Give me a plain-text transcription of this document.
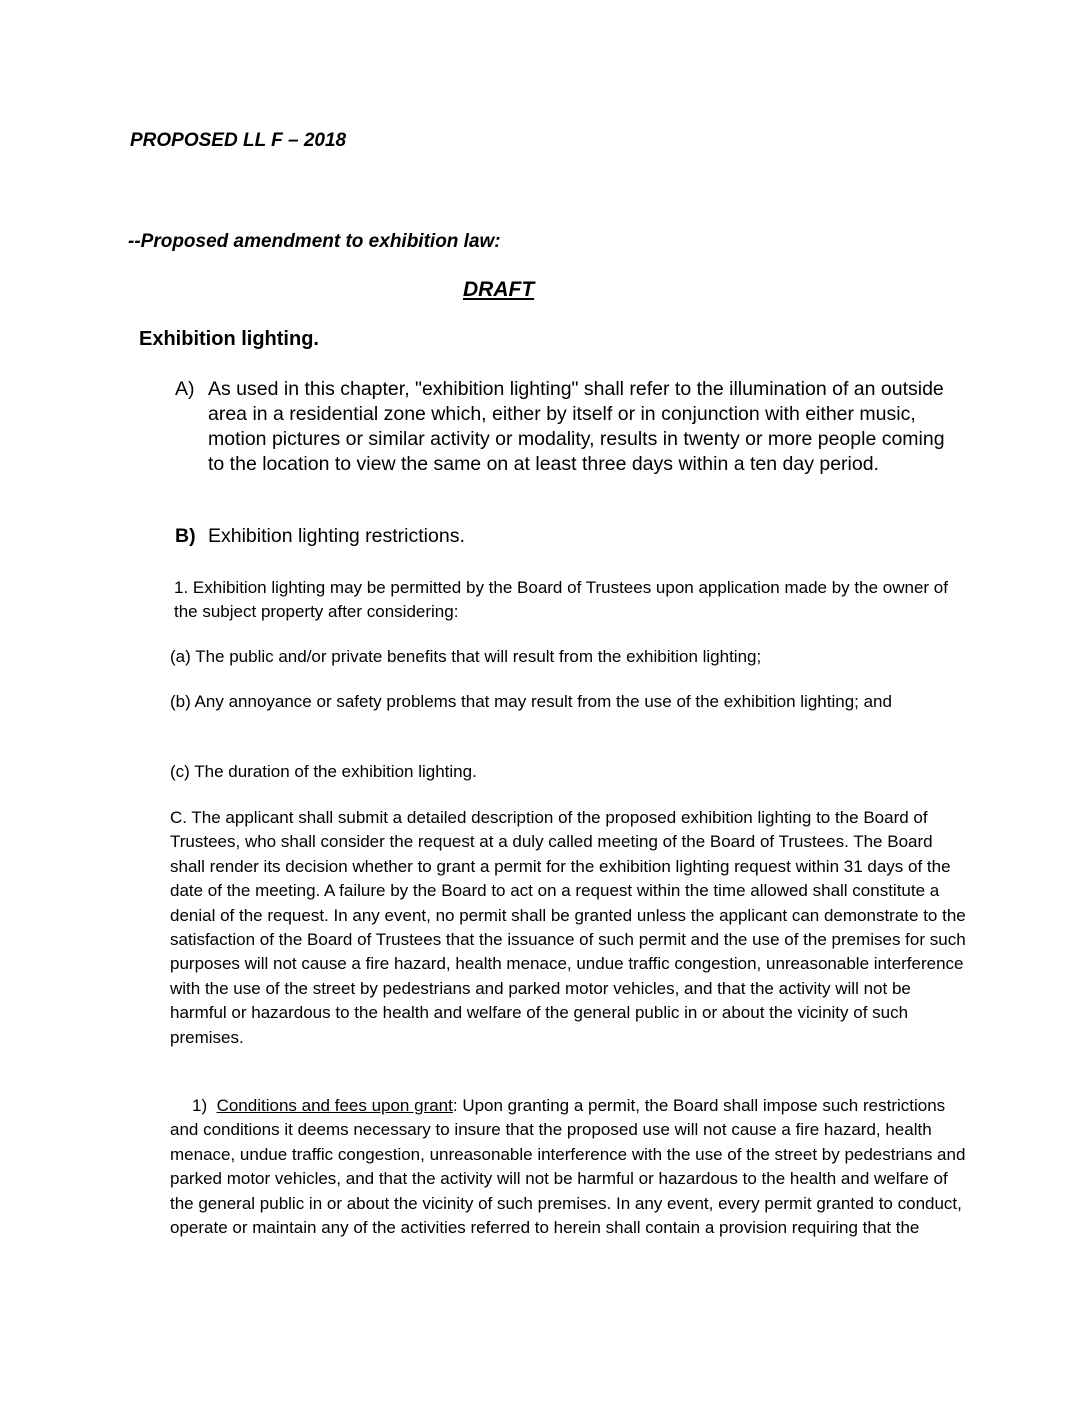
PROPOSED LL F – 2018

--Proposed amendment to exhibition law:

DRAFT

Exhibition lighting.

A) As used in this chapter, "exhibition lighting" shall refer to the illumination of an outside area in a residential zone which, either by itself or in conjunction with either music, motion pictures or similar activity or modality, results in twenty or more people coming to the location to view the same on at least three days within a ten day period.
B) Exhibition lighting restrictions.

1. Exhibition lighting may be permitted by the Board of Trustees upon application made by the owner of the subject property after considering:

(a) The public and/or private benefits that will result from the exhibition lighting;

(b) Any annoyance or safety problems that may result from the use of the exhibition lighting; and

(c) The duration of the exhibition lighting.

C. The applicant shall submit a detailed description of the proposed exhibition lighting to the Board of Trustees, who shall consider the request at a duly called meeting of the Board of Trustees. The Board shall render its decision whether to grant a permit for the exhibition lighting request within 31 days of the date of the meeting. A failure by the Board to act on a request within the time allowed shall constitute a denial of the request. In any event, no permit shall be granted unless the applicant can demonstrate to the satisfaction of the Board of Trustees that the issuance of such permit and the use of the premises for such purposes will not cause a fire hazard, health menace, undue traffic congestion, unreasonable interference with the use of the street by pedestrians and parked motor vehicles, and that the activity will not be harmful or hazardous to the health and welfare of the general public in or about the vicinity of such premises.

1) Conditions and fees upon grant: Upon granting a permit, the Board shall impose such restrictions and conditions it deems necessary to insure that the proposed use will not cause a fire hazard, health menace, undue traffic congestion, unreasonable interference with the use of the street by pedestrians and parked motor vehicles, and that the activity will not be harmful or hazardous to the health and welfare of the general public in or about the vicinity of such premises. In any event, every permit granted to conduct, operate or maintain any of the activities referred to herein shall contain a provision requiring that the
